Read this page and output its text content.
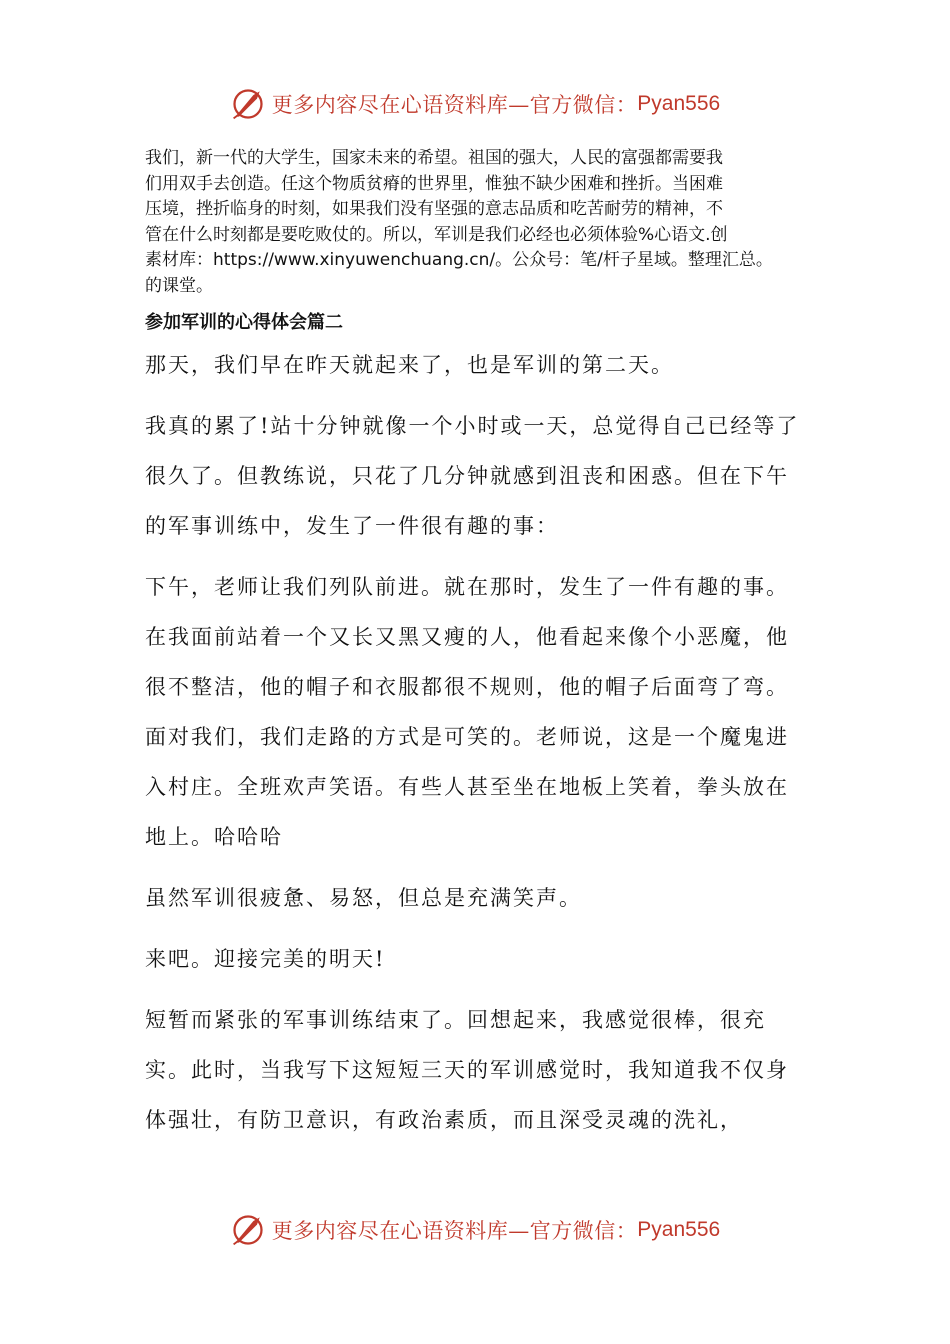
更多内容尽在心语资料库—官方微信： Pyan556

我们，新一代的大学生，国家未来的希望。祖国的强大，人民的富强都需要我

们用双手去创造。任这个物质贫瘠的世界里，惟独不缺少困难和挫折。当困难

压境，挫折临身的时刻，如果我们没有坚强的意志品质和吃苦耐劳的精神，不

管在什么时刻都是要吃败仗的。所以，军训是我们必经也必须体验%心语文.创

素材库：https://www.xinyuwenchuang.cn/。公众号：笔/杆子星域。整理汇总。

的课堂。

参加军训的心得体会篇二

那天，我们早在昨天就起来了，也是军训的第二天。

我真的累了!站十分钟就像一个小时或一天，总觉得自己已经等了很久了。但教练说，只花了几分钟就感到沮丧和困惑。但在下午的军事训练中，发生了一件很有趣的事：

下午，老师让我们列队前进。就在那时，发生了一件有趣的事。在我面前站着一个又长又黑又瘦的人，他看起来像个小恶魔，他很不整洁，他的帽子和衣服都很不规则，他的帽子后面弯了弯。面对我们，我们走路的方式是可笑的。老师说，这是一个魔鬼进入村庄。全班欢声笑语。有些人甚至坐在地板上笑着，拳头放在地上。哈哈哈

虽然军训很疲惫、易怒，但总是充满笑声。

来吧。迎接完美的明天!

短暂而紧张的军事训练结束了。回想起来，我感觉很棒，很充实。此时，当我写下这短短三天的军训感觉时，我知道我不仅身体强壮，有防卫意识，有政治素质，而且深受灵魂的洗礼，

更多内容尽在心语资料库—官方微信： Pyan556
